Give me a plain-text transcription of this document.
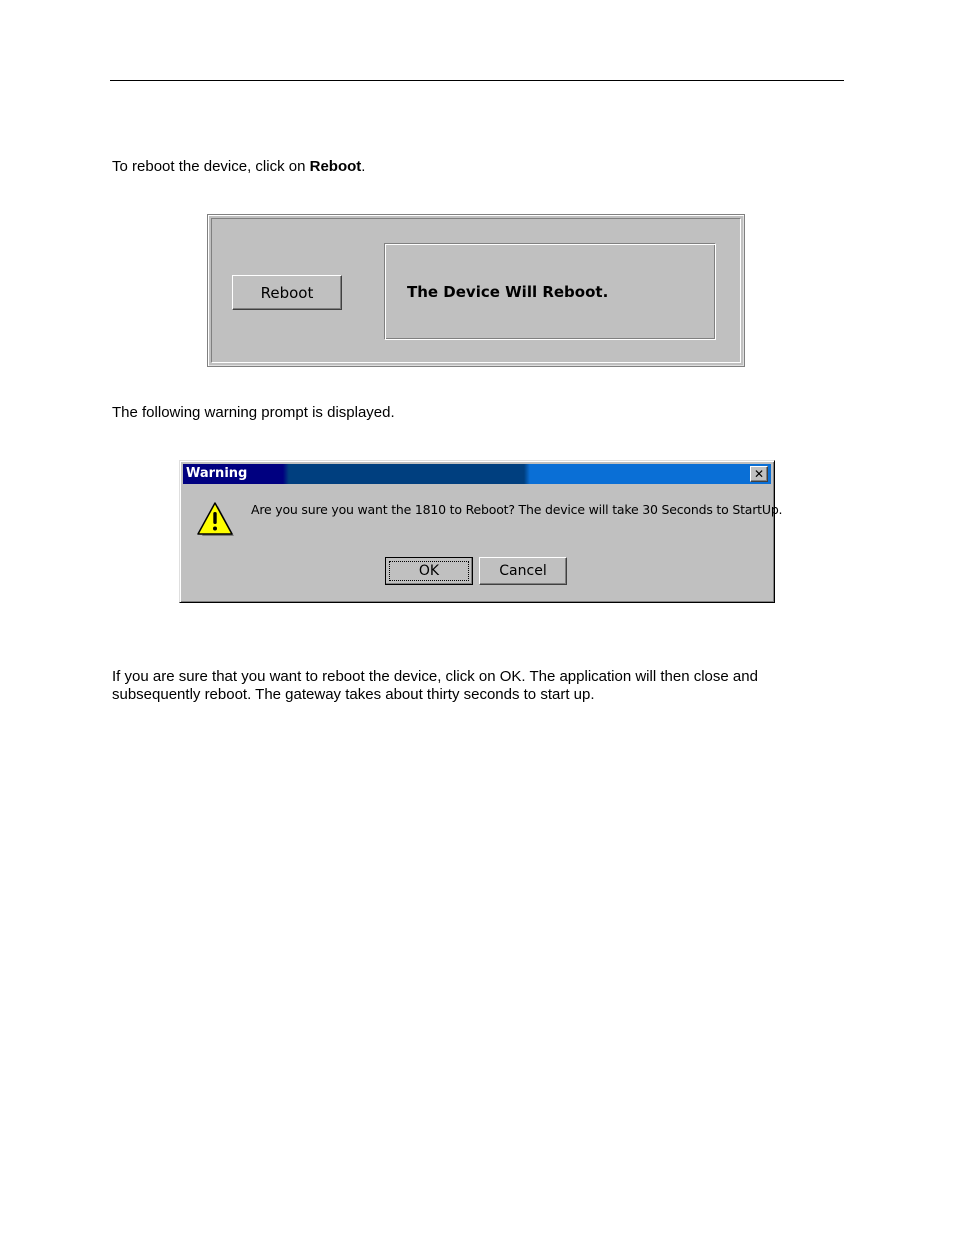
To reboot the device, click on Reboot.

Reboot	The Device Will Reboot.

The following warning prompt is displayed.

Warning	✕
Are you sure you want the 1810 to Reboot? The device will take 30 Seconds to StartUp.
OK	Cancel

If you are sure that you want to reboot the device, click on OK. The application will then close and subsequently reboot. The gateway takes about thirty seconds to start up.
